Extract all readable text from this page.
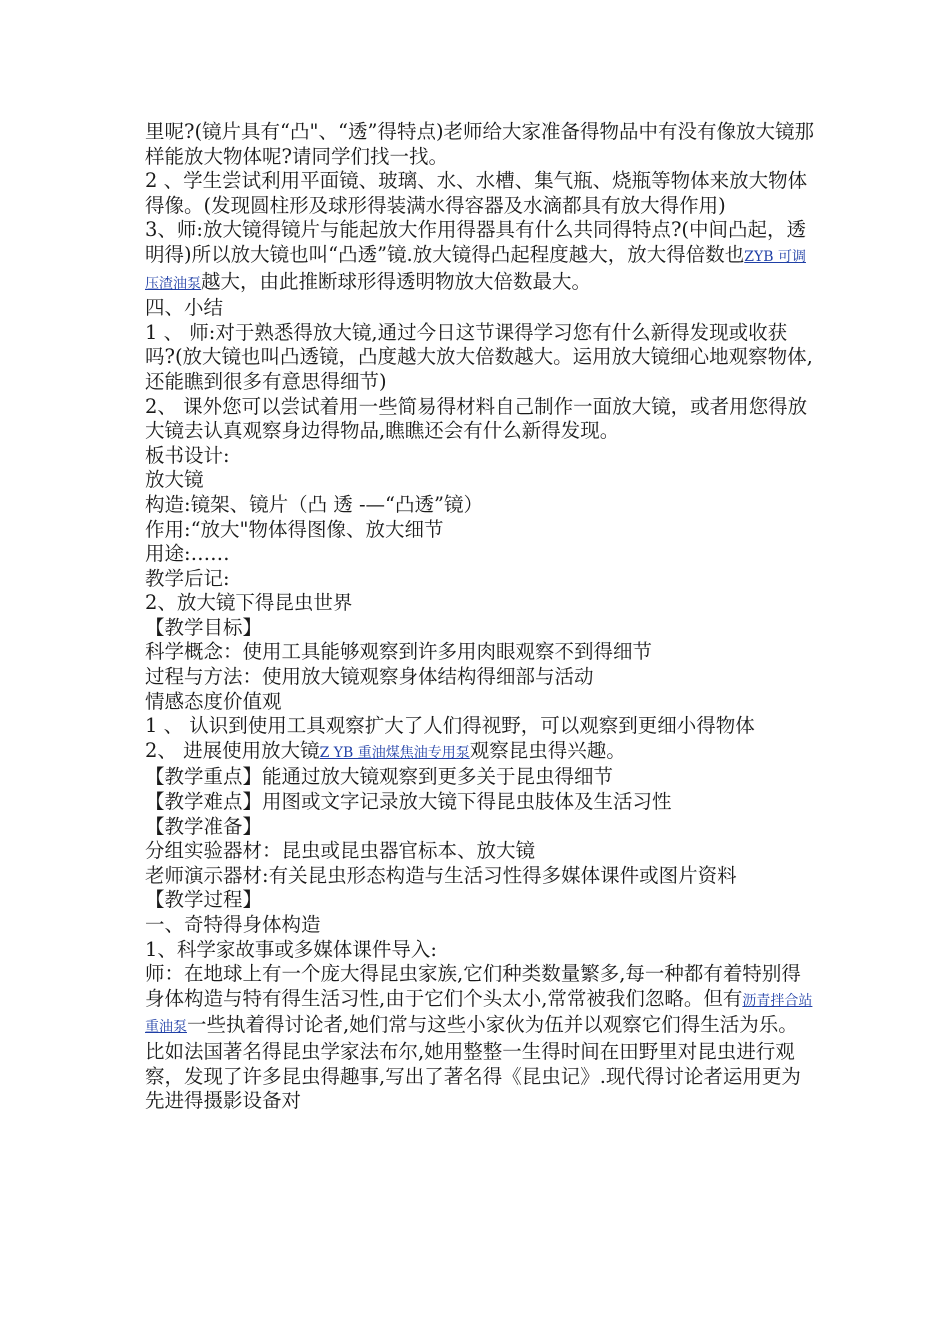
里呢?(镜片具有“凸"、“透”得特点)老师给大家准备得物品中有没有像放大镜那样能放大物体呢?请同学们找一找。

2 、学生尝试利用平面镜、玻璃、水、水槽、集气瓶、烧瓶等物体来放大物体得像。(发现圆柱形及球形得装满水得容器及水滴都具有放大得作用)

3、师:放大镜得镜片与能起放大作用得器具有什么共同得特点?(中间凸起，透明得)所以放大镜也叫“凸透”镜.放大镜得凸起程度越大，放大得倍数也ZYB 可调压渣油泵越大，由此推断球形得透明物放大倍数最大。

四、小结

1 、 师:对于熟悉得放大镜,通过今日这节课得学习您有什么新得发现或收获吗?(放大镜也叫凸透镜，凸度越大放大倍数越大。运用放大镜细心地观察物体,还能瞧到很多有意思得细节)

2、 课外您可以尝试着用一些简易得材料自己制作一面放大镜，或者用您得放大镜去认真观察身边得物品,瞧瞧还会有什么新得发现。

板书设计:

放大镜

构造:镜架、镜片（凸 透 -—“凸透”镜）

作用:“放大"物体得图像、放大细节

用途:……

教学后记:

2、放大镜下得昆虫世界

【教学目标】

科学概念：使用工具能够观察到许多用肉眼观察不到得细节

过程与方法：使用放大镜观察身体结构得细部与活动

情感态度价值观

1 、 认识到使用工具观察扩大了人们得视野，可以观察到更细小得物体

2、 进展使用放大镜Z YB 重油煤焦油专用泵观察昆虫得兴趣。

【教学重点】能通过放大镜观察到更多关于昆虫得细节

【教学难点】用图或文字记录放大镜下得昆虫肢体及生活习性

【教学准备】

分组实验器材：昆虫或昆虫器官标本、放大镜

老师演示器材:有关昆虫形态构造与生活习性得多媒体课件或图片资料

【教学过程】

一、奇特得身体构造

1、科学家故事或多媒体课件导入:

师：在地球上有一个庞大得昆虫家族,它们种类数量繁多,每一种都有着特别得身体构造与特有得生活习性,由于它们个头太小,常常被我们忽略。但有沥青拌合站重油泵一些执着得讨论者,她们常与这些小家伙为伍并以观察它们得生活为乐。比如法国著名得昆虫学家法布尔,她用整整一生得时间在田野里对昆虫进行观察，发现了许多昆虫得趣事,写出了著名得《昆虫记》.现代得讨论者运用更为先进得摄影设备对
